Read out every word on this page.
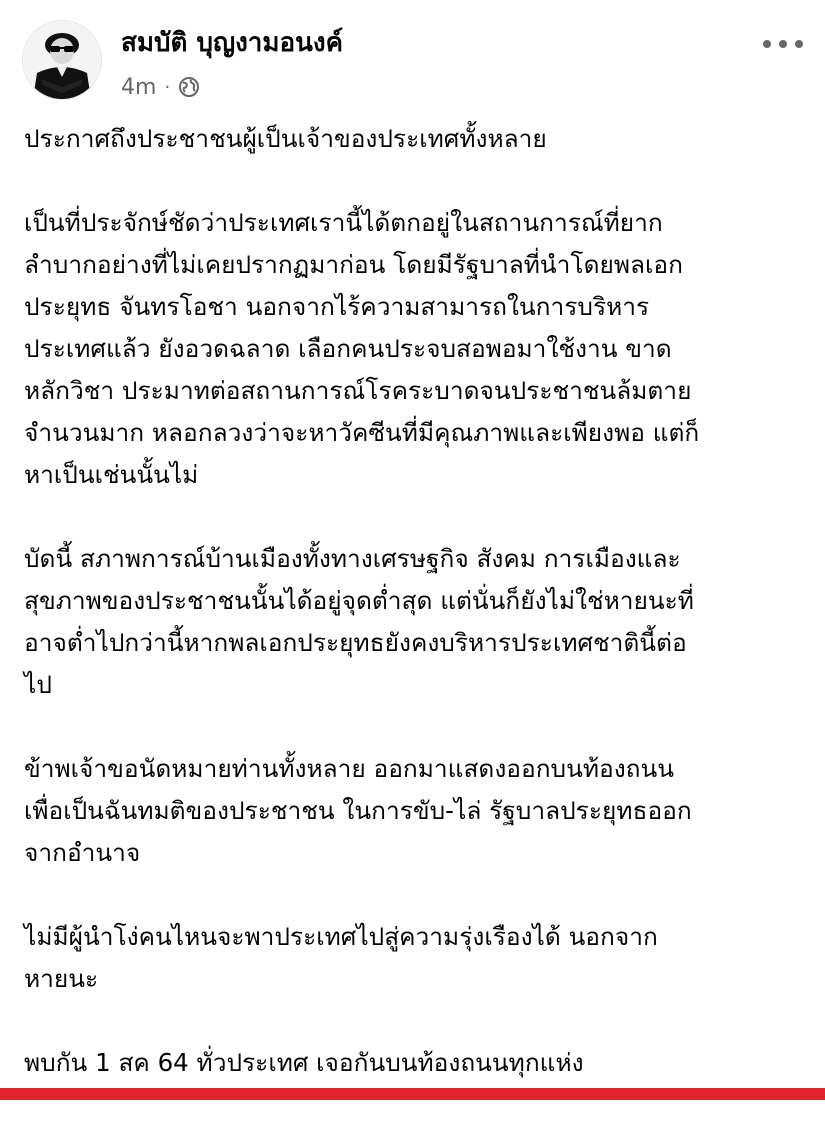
สมบัติ บุญงามอนงค์
4m ·

ประกาศถึงประชาชนผู้เป็นเจ้าของประเทศทั้งหลาย

เป็นที่ประจักษ์ชัดว่าประเทศเรานี้ได้ตกอยู่ในสถานการณ์ที่ยาก
ลำบากอย่างที่ไม่เคยปรากฏมาก่อน โดยมีรัฐบาลที่นำโดยพลเอก
ประยุทธ จันทรโอชา นอกจากไร้ความสามารถในการบริหาร
ประเทศแล้ว ยังอวดฉลาด เลือกคนประจบสอพอมาใช้งาน ขาด
หลักวิชา ประมาทต่อสถานการณ์โรคระบาดจนประชาชนล้มตาย
จำนวนมาก หลอกลวงว่าจะหาวัคซีนที่มีคุณภาพและเพียงพอ แต่ก็
หาเป็นเช่นนั้นไม่

บัดนี้ สภาพการณ์บ้านเมืองทั้งทางเศรษฐกิจ สังคม การเมืองและ
สุขภาพของประชาชนนั้นได้อยู่จุดต่ำสุด แต่นั่นก็ยังไม่ใช่หายนะที่
อาจต่ำไปกว่านี้หากพลเอกประยุทธยังคงบริหารประเทศชาตินี้ต่อ
ไป

ข้าพเจ้าขอนัดหมายท่านทั้งหลาย ออกมาแสดงออกบนท้องถนน
เพื่อเป็นฉันทมติของประชาชน ในการขับ-ไล่ รัฐบาลประยุทธออก
จากอำนาจ

ไม่มีผู้นำโง่คนไหนจะพาประเทศไปสู่ความรุ่งเรืองได้ นอกจาก
หายนะ

พบกัน 1 สค 64 ทั่วประเทศ เจอกันบนท้องถนนทุกแห่ง
